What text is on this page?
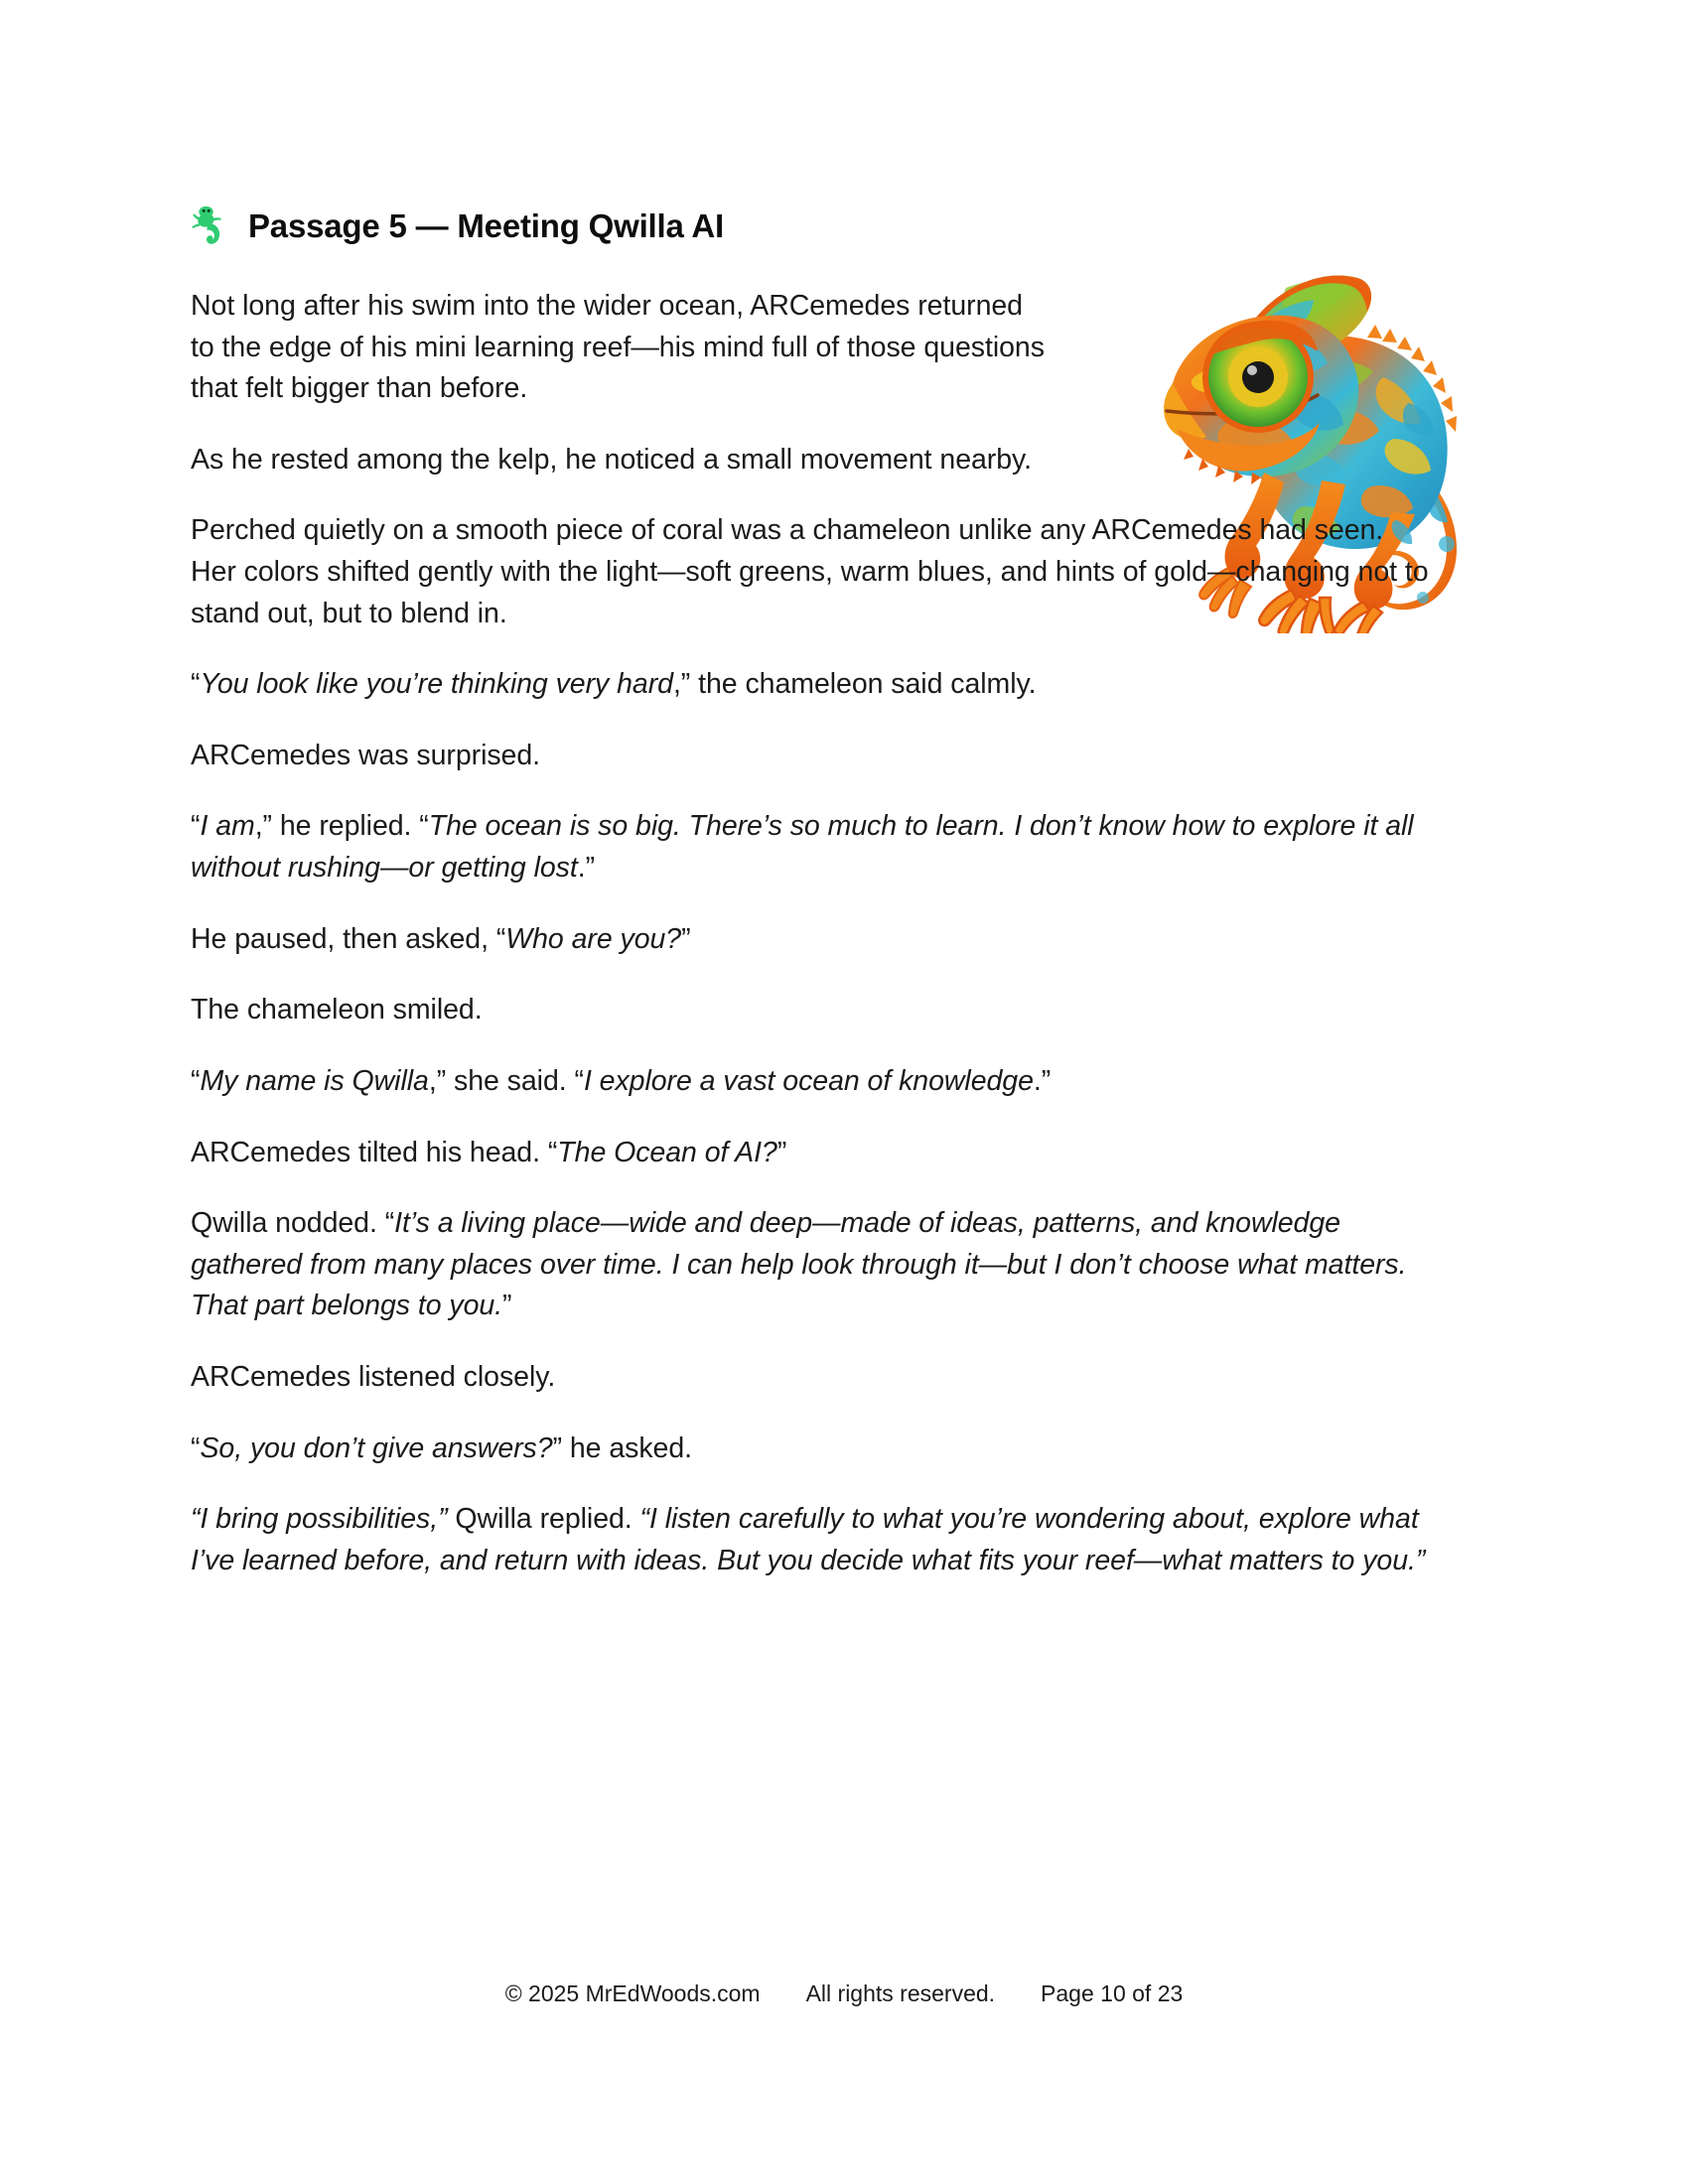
Passage 5 — Meeting Qwilla AI

Not long after his swim into the wider ocean, ARCemedes returned to the edge of his mini learning reef—his mind full of those questions that felt bigger than before.

As he rested among the kelp, he noticed a small movement nearby.

Perched quietly on a smooth piece of coral was a chameleon unlike any ARCemedes had seen. Her colors shifted gently with the light—soft greens, warm blues, and hints of gold—changing not to stand out, but to blend in.

“You look like you’re thinking very hard,” the chameleon said calmly.

ARCemedes was surprised.

“I am,” he replied. “The ocean is so big. There’s so much to learn. I don’t know how to explore it all without rushing—or getting lost.”

He paused, then asked, “Who are you?”

The chameleon smiled.

“My name is Qwilla,” she said. “I explore a vast ocean of knowledge.”

ARCemedes tilted his head. “The Ocean of AI?”

Qwilla nodded. “It’s a living place—wide and deep—made of ideas, patterns, and knowledge gathered from many places over time. I can help look through it—but I don’t choose what matters. That part belongs to you.”

ARCemedes listened closely.

“So, you don’t give answers?” he asked.

“I bring possibilities,” Qwilla replied. “I listen carefully to what you’re wondering about, explore what I’ve learned before, and return with ideas. But you decide what fits your reef—what matters to you.”

© 2025 MrEdWoods.com All rights reserved. Page 10 of 23
